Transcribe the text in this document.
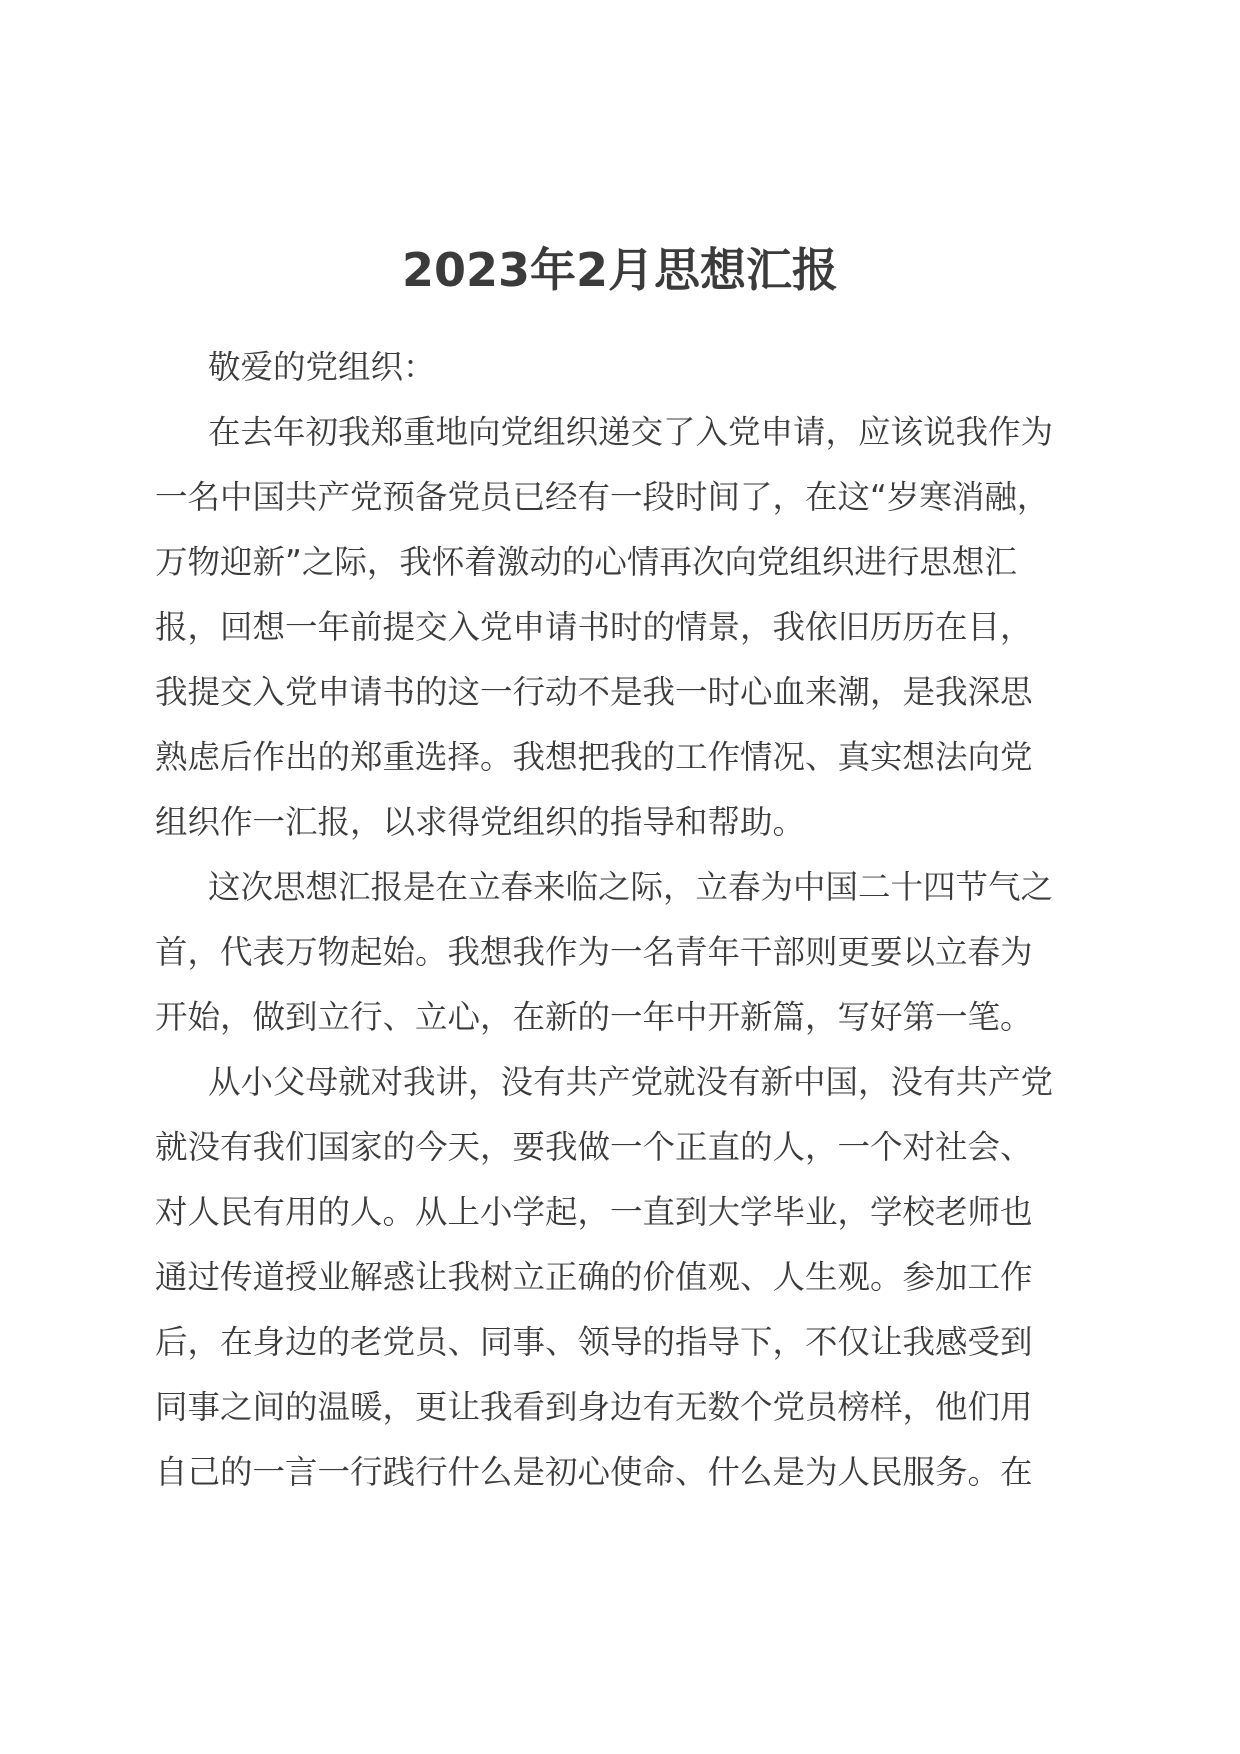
2023年2月思想汇报
敬爱的党组织：
在去年初我郑重地向党组织递交了入党申请，应该说我作为
一名中国共产党预备党员已经有一段时间了，在这“岁寒消融，
万物迎新”之际，我怀着激动的心情再次向党组织进行思想汇
报，回想一年前提交入党申请书时的情景，我依旧历历在目，
我提交入党申请书的这一行动不是我一时心血来潮，是我深思
熟虑后作出的郑重选择。我想把我的工作情况、真实想法向党
组织作一汇报，以求得党组织的指导和帮助。
这次思想汇报是在立春来临之际，立春为中国二十四节气之
首，代表万物起始。我想我作为一名青年干部则更要以立春为
开始，做到立行、立心，在新的一年中开新篇，写好第一笔。
从小父母就对我讲，没有共产党就没有新中国，没有共产党
就没有我们国家的今天，要我做一个正直的人，一个对社会、
对人民有用的人。从上小学起，一直到大学毕业，学校老师也
通过传道授业解惑让我树立正确的价值观、人生观。参加工作
后，在身边的老党员、同事、领导的指导下，不仅让我感受到
同事之间的温暖，更让我看到身边有无数个党员榜样，他们用
自己的一言一行践行什么是初心使命、什么是为人民服务。在
